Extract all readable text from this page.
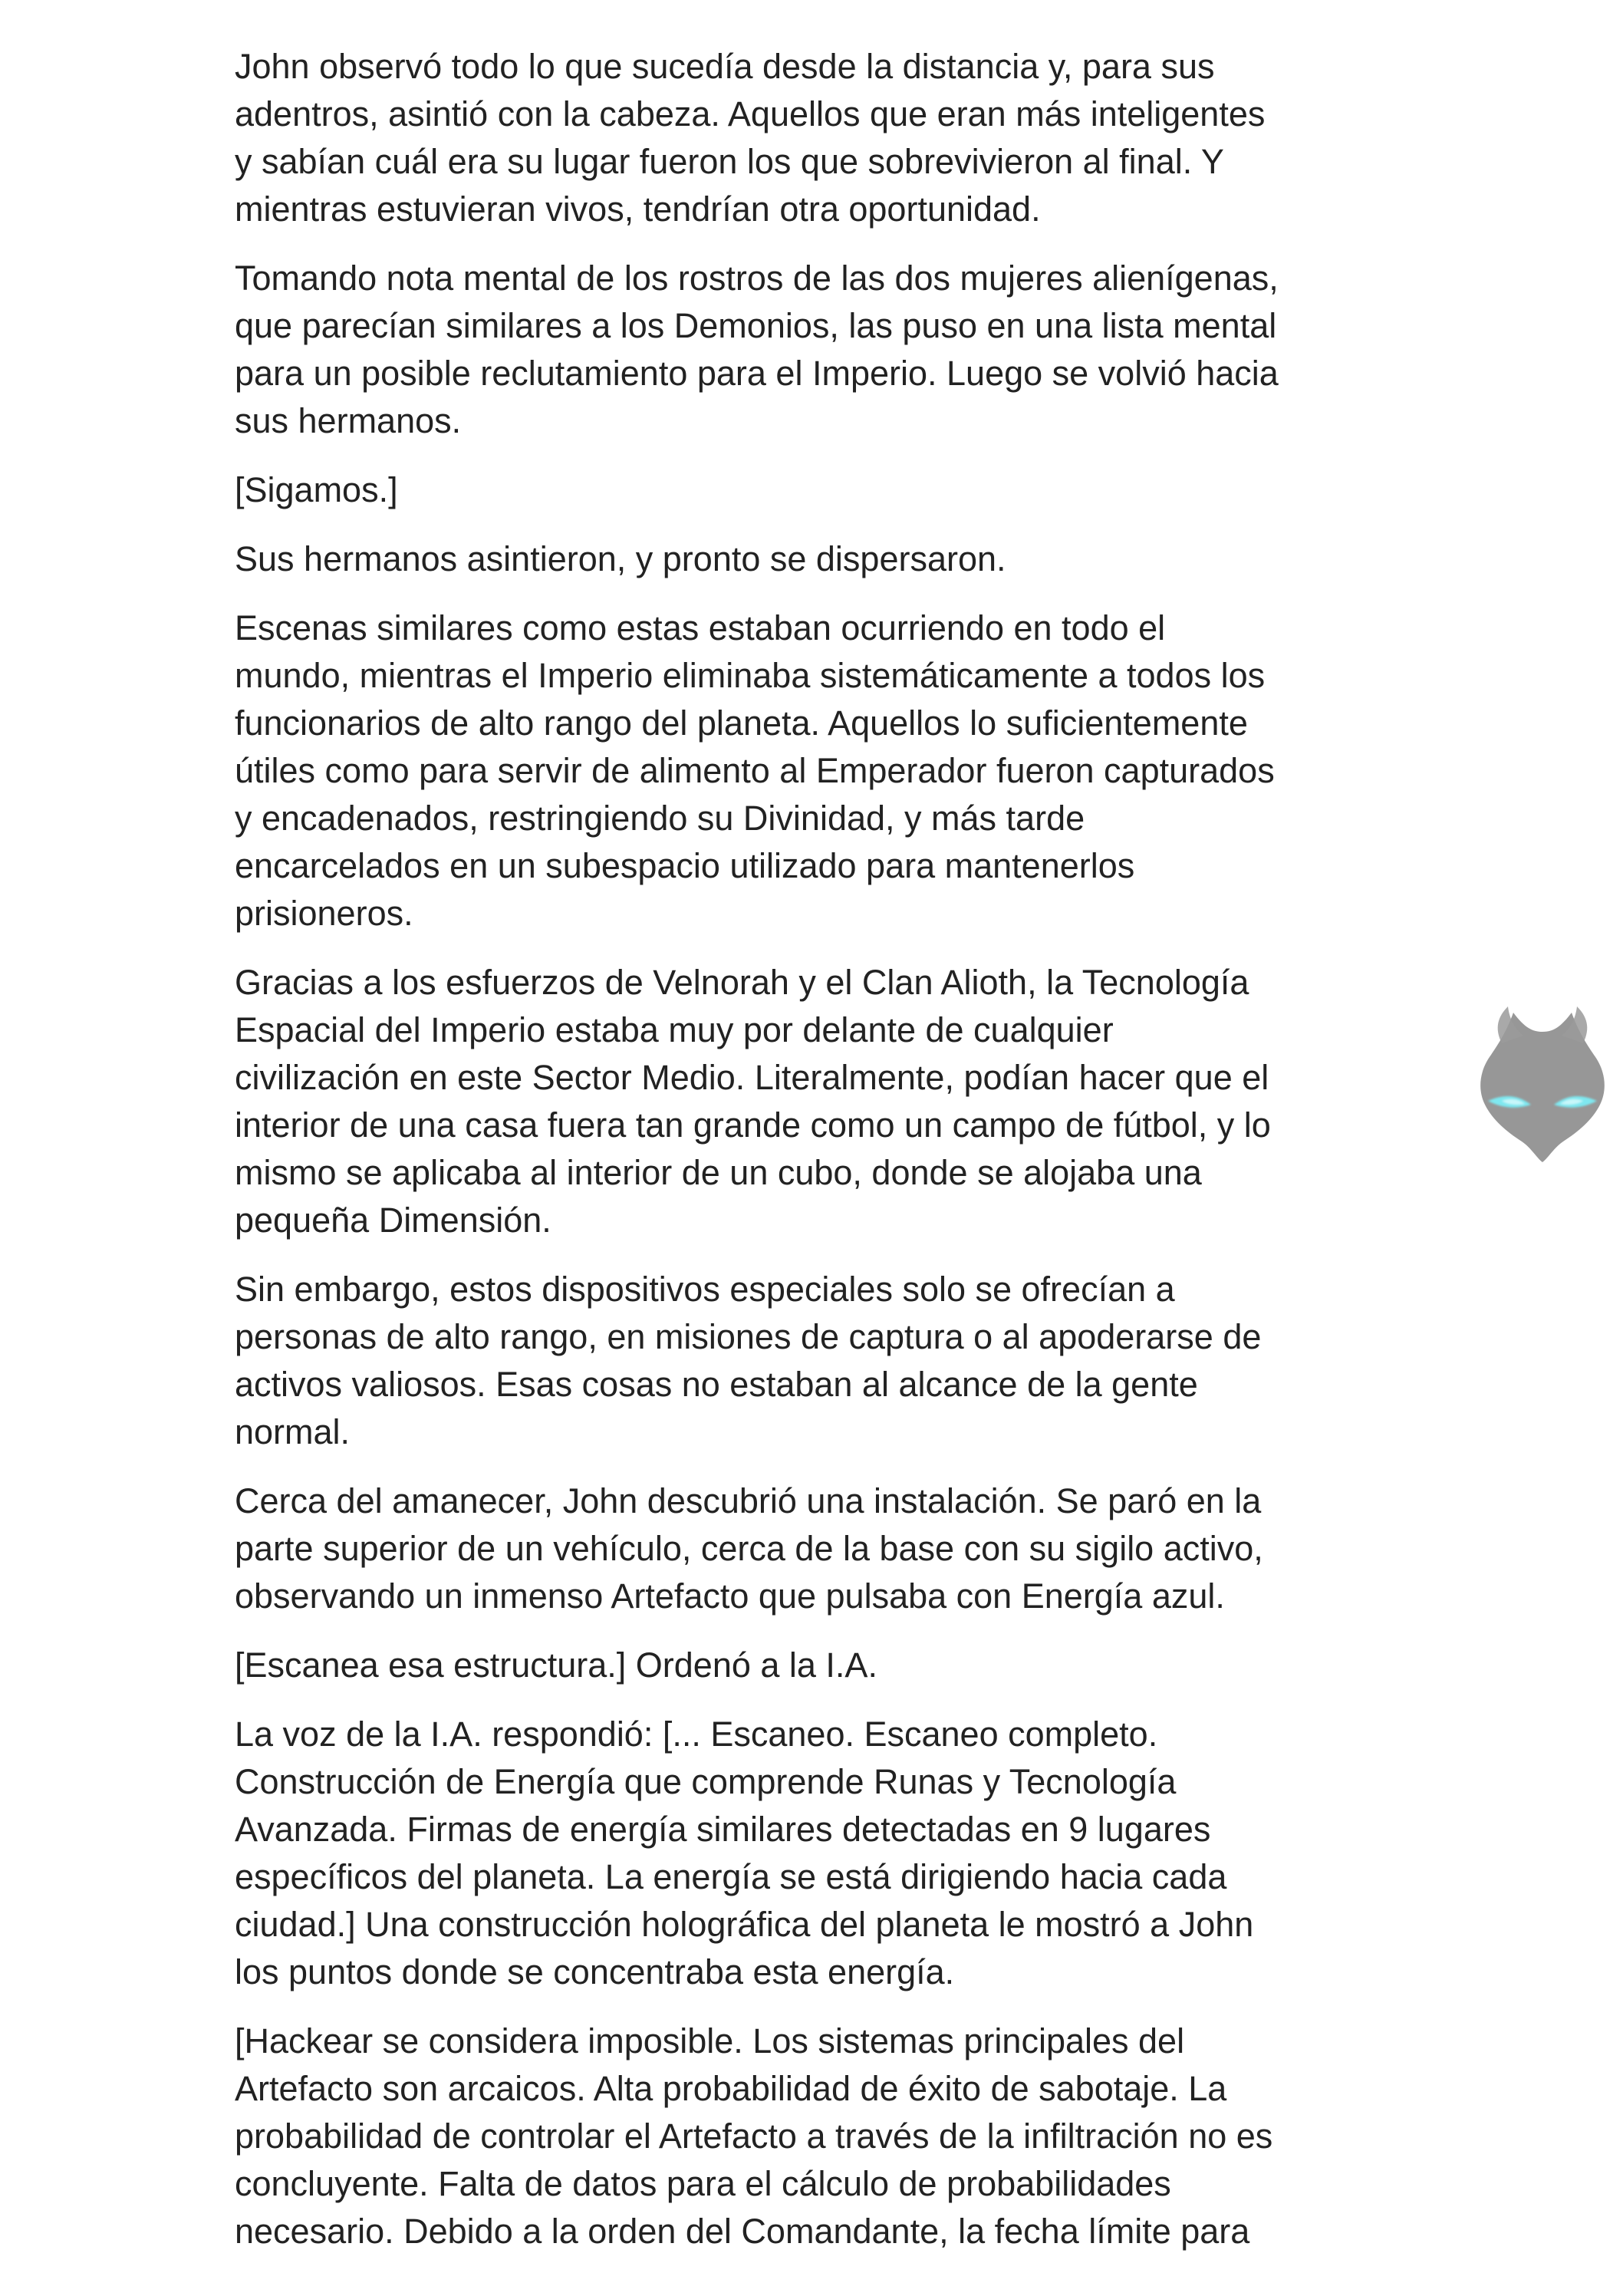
John observó todo lo que sucedía desde la distancia y, para sus
adentros, asintió con la cabeza. Aquellos que eran más inteligentes
y sabían cuál era su lugar fueron los que sobrevivieron al final. Y
mientras estuvieran vivos, tendrían otra oportunidad.

Tomando nota mental de los rostros de las dos mujeres alienígenas,
que parecían similares a los Demonios, las puso en una lista mental
para un posible reclutamiento para el Imperio. Luego se volvió hacia
sus hermanos.

[Sigamos.]

Sus hermanos asintieron, y pronto se dispersaron.

Escenas similares como estas estaban ocurriendo en todo el
mundo, mientras el Imperio eliminaba sistemáticamente a todos los
funcionarios de alto rango del planeta. Aquellos lo suficientemente
útiles como para servir de alimento al Emperador fueron capturados
y encadenados, restringiendo su Divinidad, y más tarde
encarcelados en un subespacio utilizado para mantenerlos
prisioneros.

Gracias a los esfuerzos de Velnorah y el Clan Alioth, la Tecnología
Espacial del Imperio estaba muy por delante de cualquier
civilización en este Sector Medio. Literalmente, podían hacer que el
interior de una casa fuera tan grande como un campo de fútbol, y lo
mismo se aplicaba al interior de un cubo, donde se alojaba una
pequeña Dimensión.

Sin embargo, estos dispositivos especiales solo se ofrecían a
personas de alto rango, en misiones de captura o al apoderarse de
activos valiosos. Esas cosas no estaban al alcance de la gente
normal.

Cerca del amanecer, John descubrió una instalación. Se paró en la
parte superior de un vehículo, cerca de la base con su sigilo activo,
observando un inmenso Artefacto que pulsaba con Energía azul.

[Escanea esa estructura.] Ordenó a la I.A.

La voz de la I.A. respondió: [... Escaneo. Escaneo completo.
Construcción de Energía que comprende Runas y Tecnología
Avanzada. Firmas de energía similares detectadas en 9 lugares
específicos del planeta. La energía se está dirigiendo hacia cada
ciudad.] Una construcción holográfica del planeta le mostró a John
los puntos donde se concentraba esta energía.

[Hackear se considera imposible. Los sistemas principales del
Artefacto son arcaicos. Alta probabilidad de éxito de sabotaje. La
probabilidad de controlar el Artefacto a través de la infiltración no es
concluyente. Falta de datos para el cálculo de probabilidades
necesario. Debido a la orden del Comandante, la fecha límite para
